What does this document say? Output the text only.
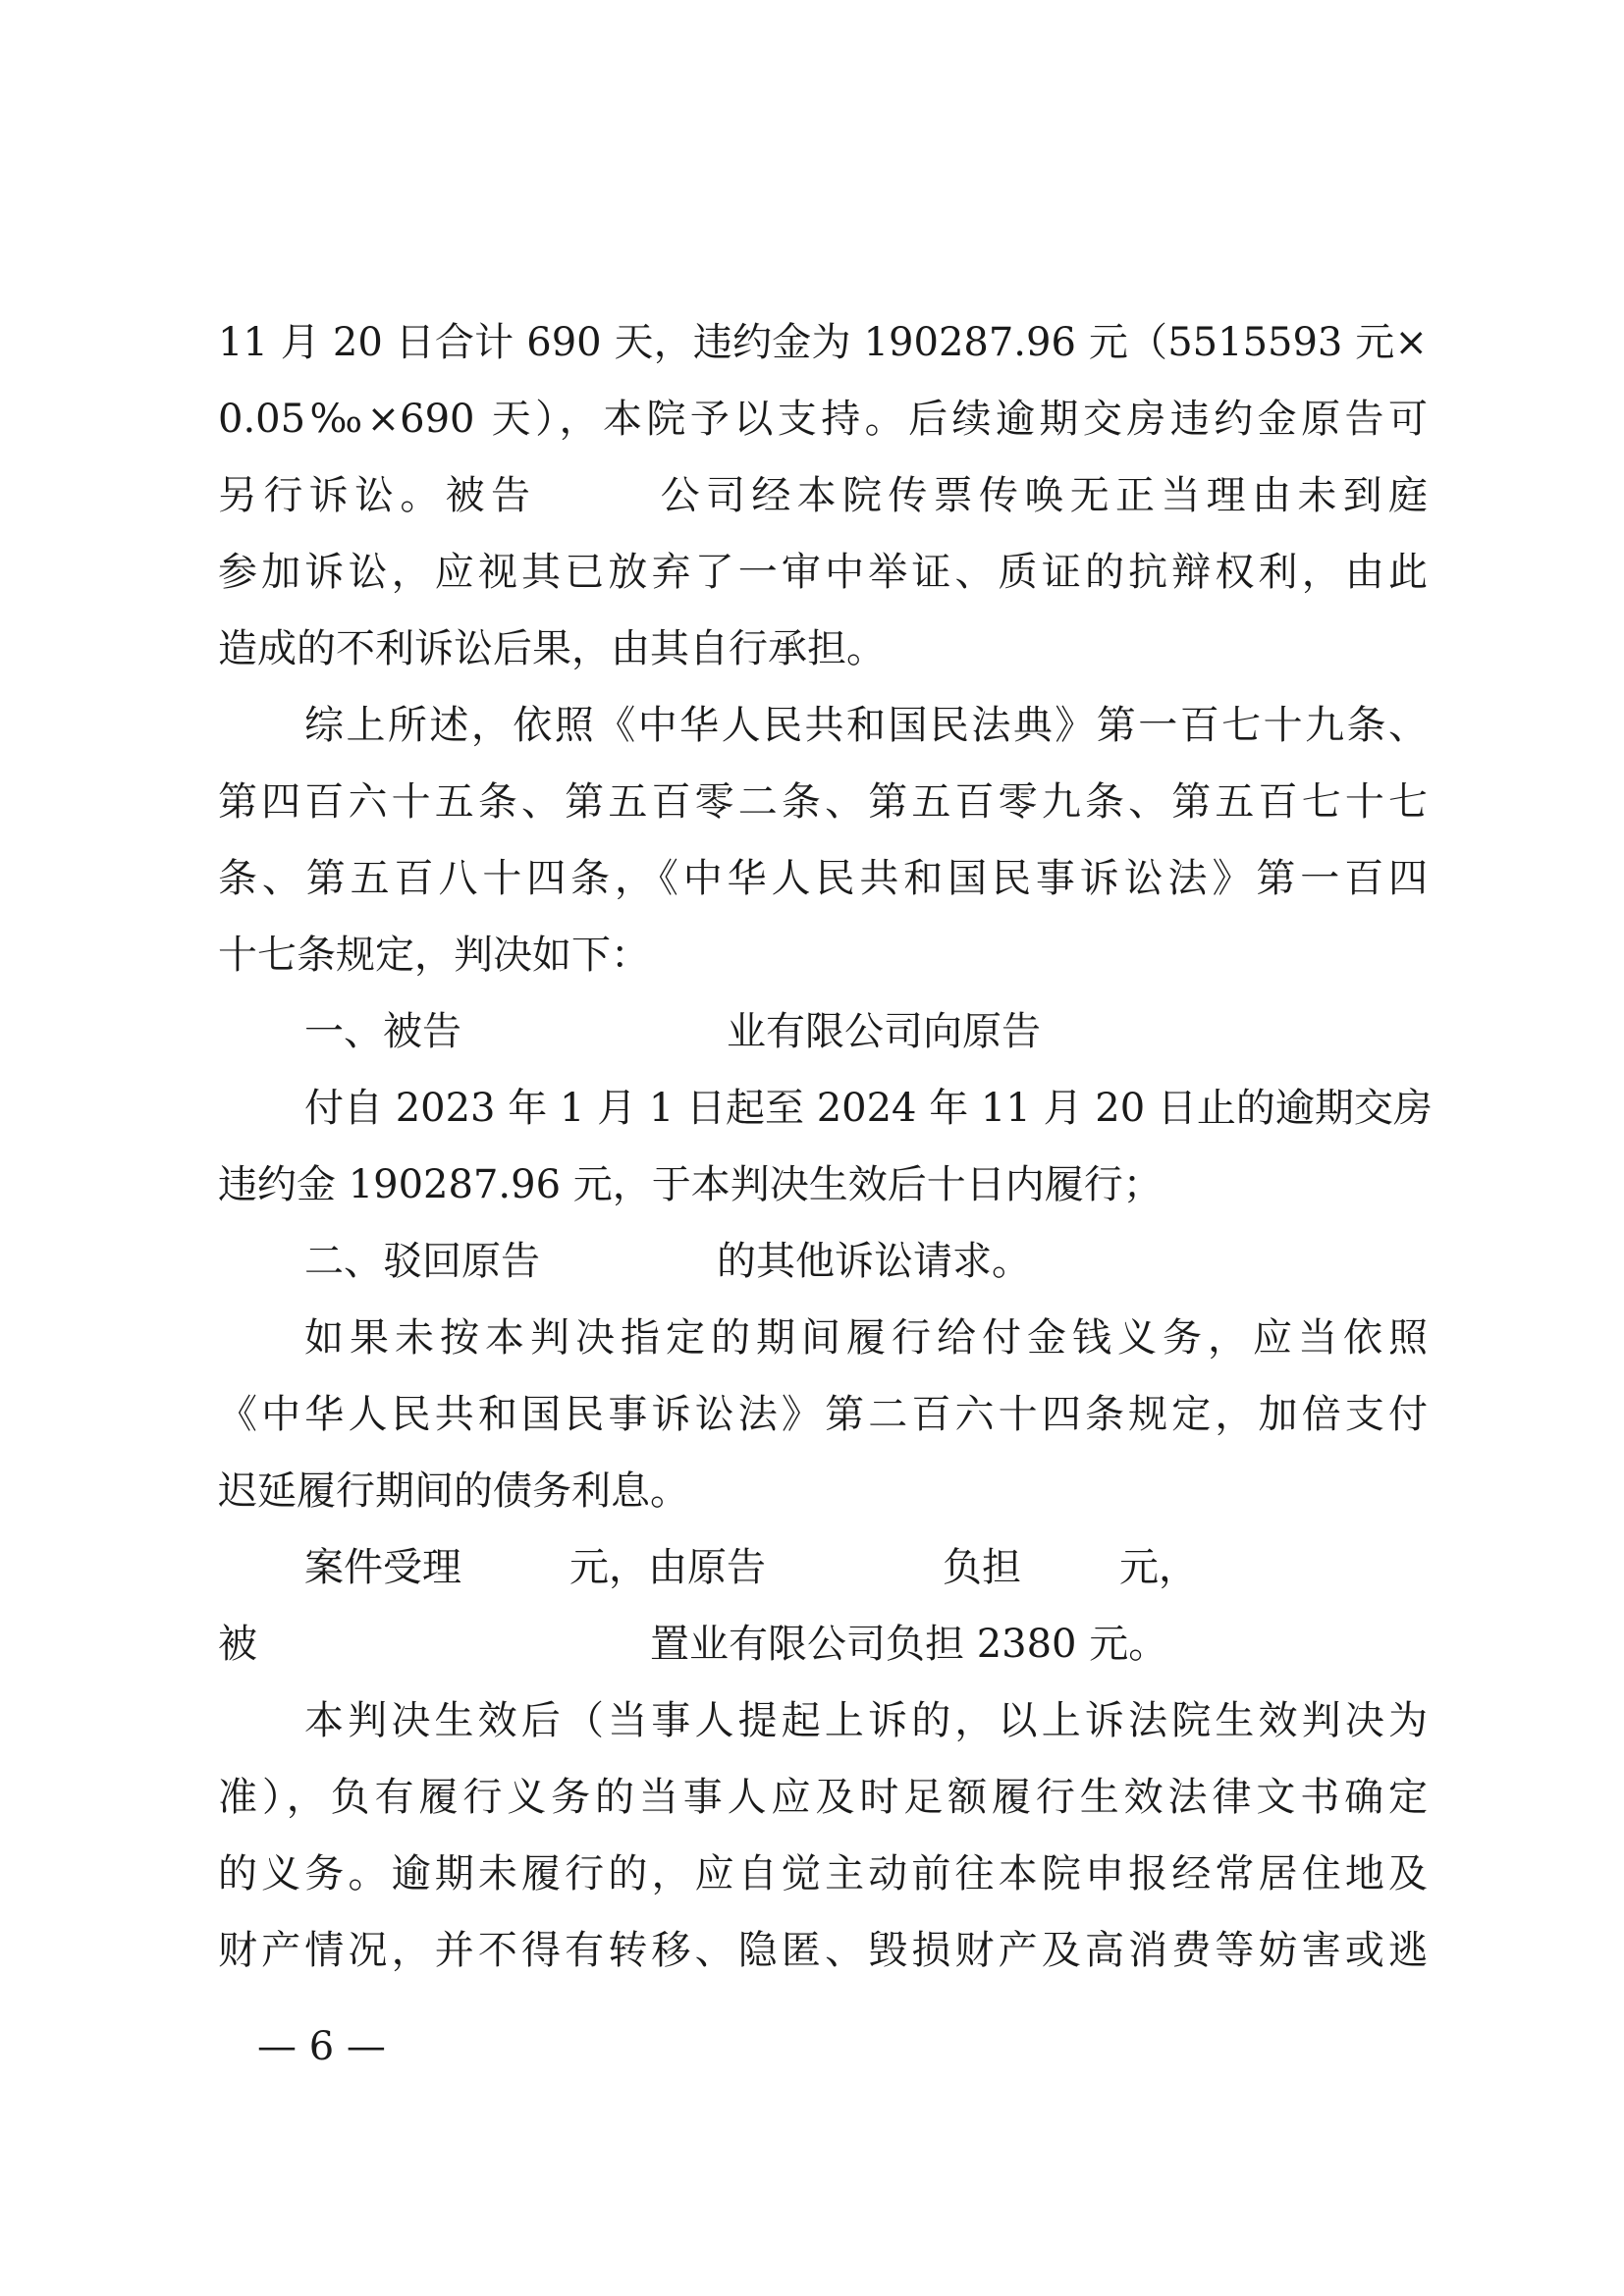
11 月 20 日合计 690 天，违约金为 190287.96 元（5515593 元×
0.05‰×690 天），本院予以支持。后续逾期交房违约金原告可
另行诉讼。被告	公司经本院传票传唤无正当理由未到庭
参加诉讼，应视其已放弃了一审中举证、质证的抗辩权利，由此
造成的不利诉讼后果，由其自行承担。
综上所述，依照《中华人民共和国民法典》第一百七十九条、
第四百六十五条、第五百零二条、第五百零九条、第五百七十七
条、第五百八十四条，《中华人民共和国民事诉讼法》第一百四
十七条规定，判决如下：
一、被告	业有限公司向原告
付自 2023 年 1 月 1 日起至 2024 年 11 月 20 日止的逾期交房
违约金 190287.96 元，于本判决生效后十日内履行；
二、驳回原告	的其他诉讼请求。
如果未按本判决指定的期间履行给付金钱义务，应当依照
《中华人民共和国民事诉讼法》第二百六十四条规定，加倍支付
迟延履行期间的债务利息。
案件受理	元，由原告	负担	元，
被	置业有限公司负担 2380 元。
本判决生效后（当事人提起上诉的，以上诉法院生效判决为
准），负有履行义务的当事人应及时足额履行生效法律文书确定
的义务。逾期未履行的，应自觉主动前往本院申报经常居住地及
财产情况，并不得有转移、隐匿、毁损财产及高消费等妨害或逃
— 6 —
